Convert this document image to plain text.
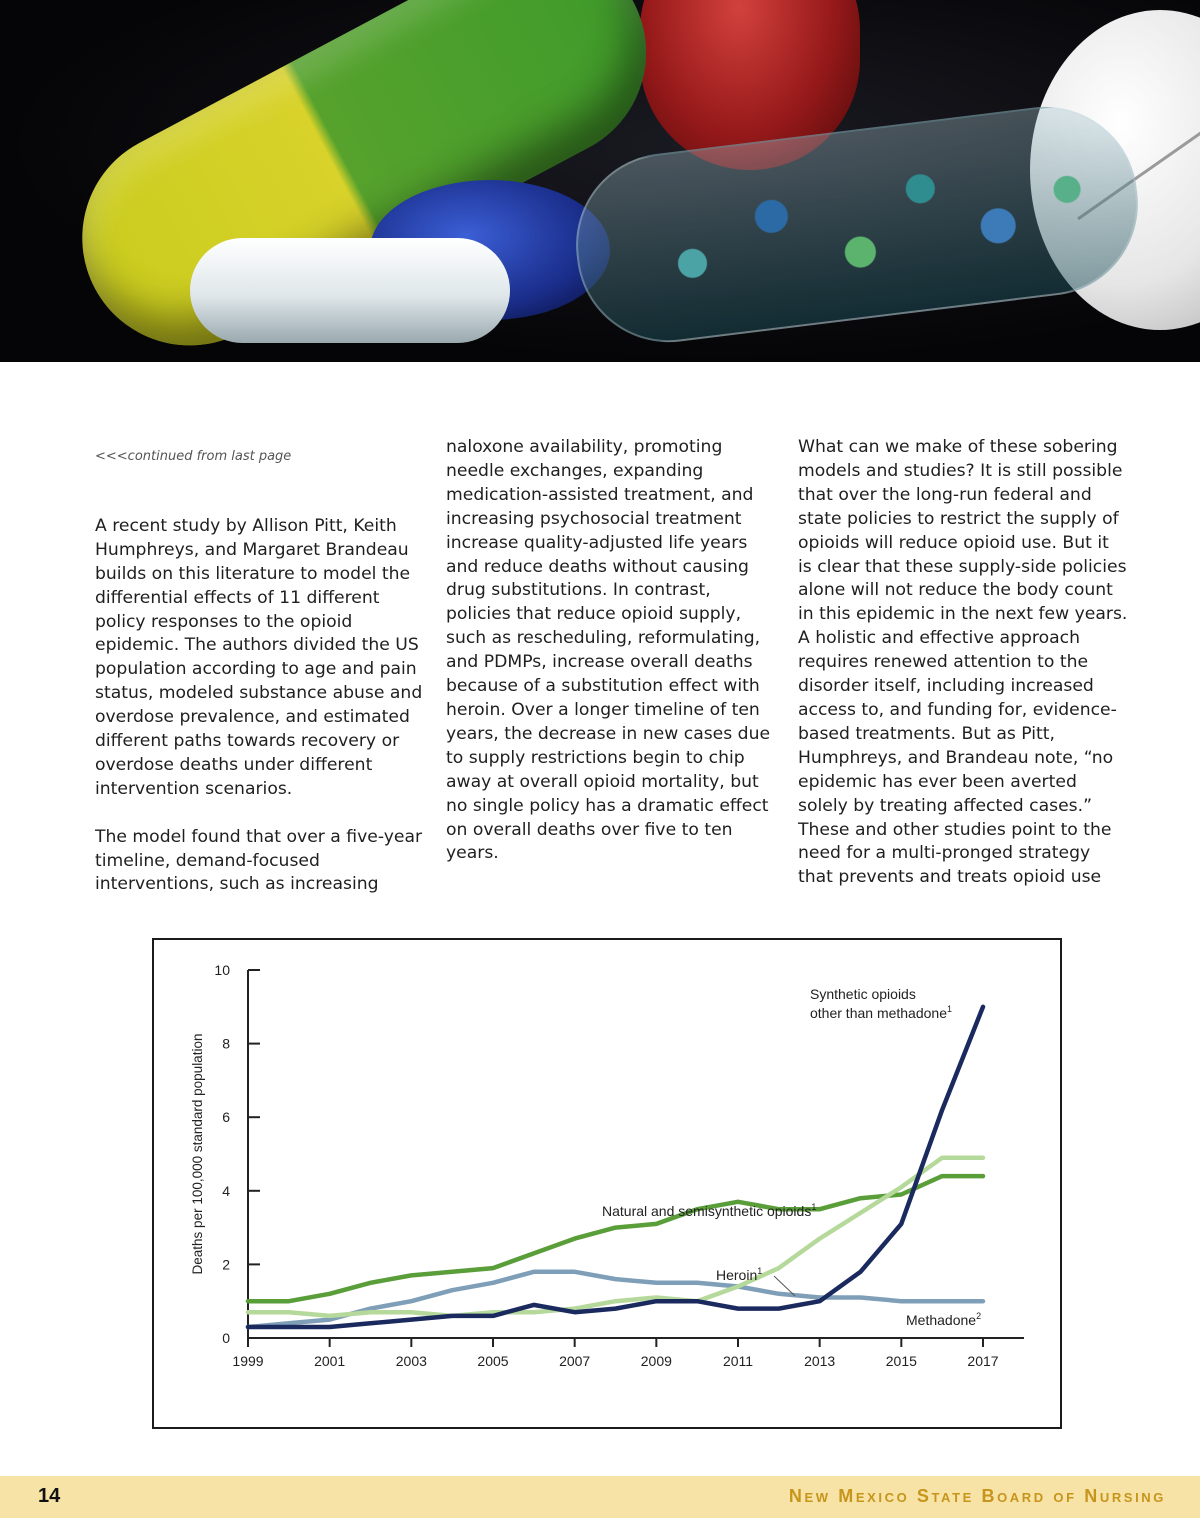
<<<continued from last page

A recent study by Allison Pitt, Keith Humphreys, and Margaret Brandeau builds on this literature to model the differential effects of 11 different policy responses to the opioid epidemic. The authors divided the US population according to age and pain status, modeled substance abuse and overdose prevalence, and estimated different paths towards recovery or overdose deaths under different intervention scenarios.

The model found that over a five-year timeline, demand-focused interventions, such as increasing

naloxone availability, promoting needle exchanges, expanding medication-assisted treatment, and increasing psychosocial treatment increase quality-adjusted life years and reduce deaths without causing drug substitutions. In contrast, policies that reduce opioid supply, such as rescheduling, reformulating, and PDMPs, increase overall deaths because of a substitution effect with heroin. Over a longer timeline of ten years, the decrease in new cases due to supply restrictions begin to chip away at overall opioid mortality, but no single policy has a dramatic effect on overall deaths over five to ten years.

What can we make of these sobering models and studies? It is still possible that over the long-run federal and state policies to restrict the supply of opioids will reduce opioid use. But it is clear that these supply-side policies alone will not reduce the body count in this epidemic in the next few years. A holistic and effective approach requires renewed attention to the disorder itself, including increased access to, and funding for, evidence-based treatments. But as Pitt, Humphreys, and Brandeau note, “no epidemic has ever been averted solely by treating affected cases.” These and other studies point to the need for a multi-pronged strategy that prevents and treats opioid use

0
2
4
6
8
10
1999	2001	2003	2005	2007	2009	2011	2013	2015	2017
Deaths per 100,000 standard population	Natural and semisynthetic opioids$^1$
Methadone$^2$
Heroin$^1$
Synthetic opioids other than methadone$^1$
14	New Mexico State Board of Nursing
